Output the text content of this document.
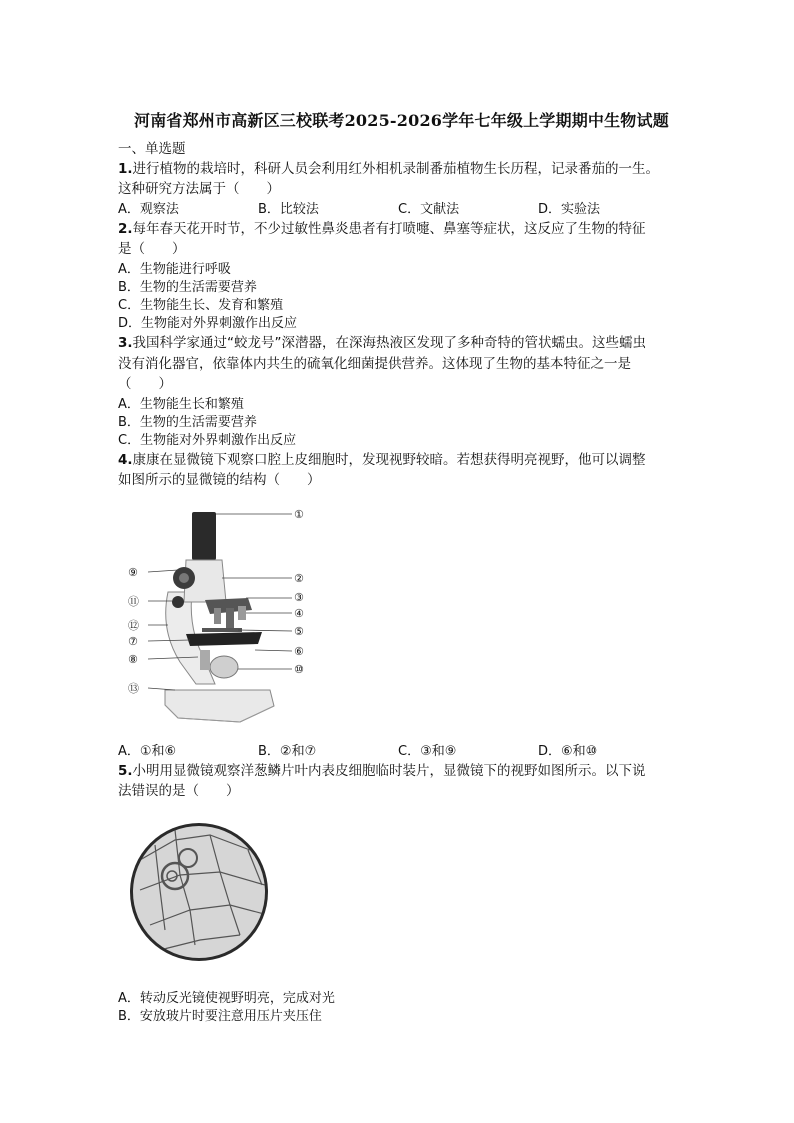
河南省郑州市高新区三校联考2025-2026学年七年级上学期期中生物试题
一、单选题
1.进行植物的栽培时，科研人员会利用红外相机录制番茄植物生长历程，记录番茄的一生。
这种研究方法属于（　　）
A．观察法	B．比较法	C．文献法	D．实验法
2.每年春天花开时节，不少过敏性鼻炎患者有打喷嚏、鼻塞等症状，这反应了生物的特征
是（　　）
A．生物能进行呼吸
B．生物的生活需要营养
C．生物能生长、发育和繁殖
D．生物能对外界刺激作出反应
3.我国科学家通过“蛟龙号”深潜器，在深海热液区发现了多种奇特的管状蠕虫。这些蠕虫
没有消化器官，依靠体内共生的硫氧化细菌提供营养。这体现了生物的基本特征之一是
（　　）
A．生物能生长和繁殖
B．生物的生活需要营养
C．生物能对外界刺激作出反应
4.康康在显微镜下观察口腔上皮细胞时，发现视野较暗。若想获得明亮视野，他可以调整
如图所示的显微镜的结构（　　）
①
②
③
④
⑤
⑥
⑩
⑨
⑪
⑫
⑦
⑧
⑬
A．①和⑥	B．②和⑦	C．③和⑨	D．⑥和⑩
5.小明用显微镜观察洋葱鳞片叶内表皮细胞临时装片，显微镜下的视野如图所示。以下说
法错误的是（　　）
A．转动反光镜使视野明亮，完成对光
B．安放玻片时要注意用压片夹压住
